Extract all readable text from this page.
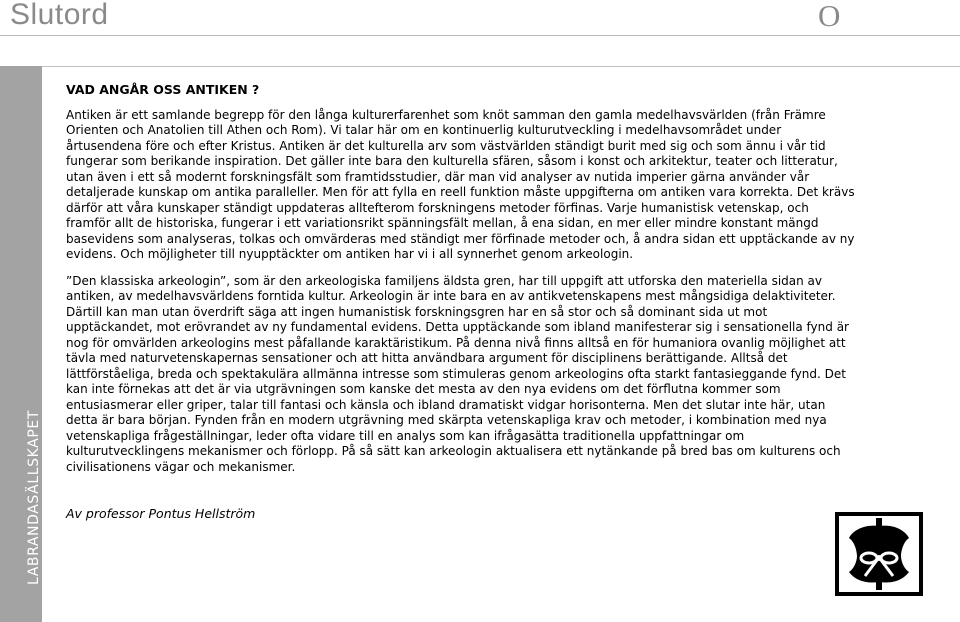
Slutord	O
LABRANDASÄLLSKAPET

VAD ANGÅR OSS ANTIKEN ?

Antiken är ett samlande begrepp för den långa kulturerfarenhet som knöt samman den gamla medelhavsvärlden (från Främre Orienten och Anatolien till Athen och Rom). Vi talar här om en kontinuerlig kulturutveckling i medelhavsområdet under årtusendena före och efter Kristus. Antiken är det kulturella arv som västvärlden ständigt burit med sig och som ännu i vår tid fungerar som berikande inspiration. Det gäller inte bara den kulturella sfären, såsom i konst och arkitektur, teater och litteratur, utan även i ett så modernt forskningsfält som framtidsstudier, där man vid analyser av nutida imperier gärna använder vår detaljerade kunskap om antika paralleller. Men för att fylla en reell funktion måste uppgifterna om antiken vara korrekta. Det krävs därför att våra kunskaper ständigt uppdateras alltefterom forskningens metoder förfinas. Varje humanistisk vetenskap, och framför allt de historiska, fungerar i ett variationsrikt spänningsfält mellan, å ena sidan, en mer eller mindre konstant mängd basevidens som analyseras, tolkas och omvärderas med ständigt mer förfinade metoder och, å andra sidan ett upptäckande av ny evidens. Och möjligheter till nyupptäckter om antiken har vi i all synnerhet genom arkeologin.

”Den klassiska arkeologin”, som är den arkeologiska familjens äldsta gren, har till uppgift att utforska den materiella sidan av antiken, av medelhavsvärldens forntida kultur. Arkeologin är inte bara en av antikvetenskapens mest mångsidiga delaktiviteter. Därtill kan man utan överdrift säga att ingen humanistisk forskningsgren har en så stor och så dominant sida ut mot upptäckandet, mot erövrandet av ny fundamental evidens. Detta upptäckande som ibland manifesterar sig i sensationella fynd är nog för omvärlden arkeologins mest påfallande karaktäristikum. På denna nivå finns alltså en för humaniora ovanlig möjlighet att tävla med naturvetenskapernas sensationer och att hitta användbara argument för disciplinens berättigande. Alltså det lättförståeliga, breda och spektakulära allmänna intresse som stimuleras genom arkeologins ofta starkt fantasieggande fynd. Det kan inte förnekas att det är via utgrävningen som kanske det mesta av den nya evidens om det förflutna kommer som entusiasmerar eller griper, talar till fantasi och känsla och ibland dramatiskt vidgar horisonterna. Men det slutar inte här, utan detta är bara början. Fynden från en modern utgrävning med skärpta vetenskapliga krav och metoder, i kombination med nya vetenskapliga frågeställningar, leder ofta vidare till en analys som kan ifrågasätta traditionella uppfattningar om kulturutvecklingens mekanismer och förlopp. På så sätt kan arkeologin aktualisera ett nytänkande på bred bas om kulturens och civilisationens vägar och mekanismer.

Av professor Pontus Hellström
